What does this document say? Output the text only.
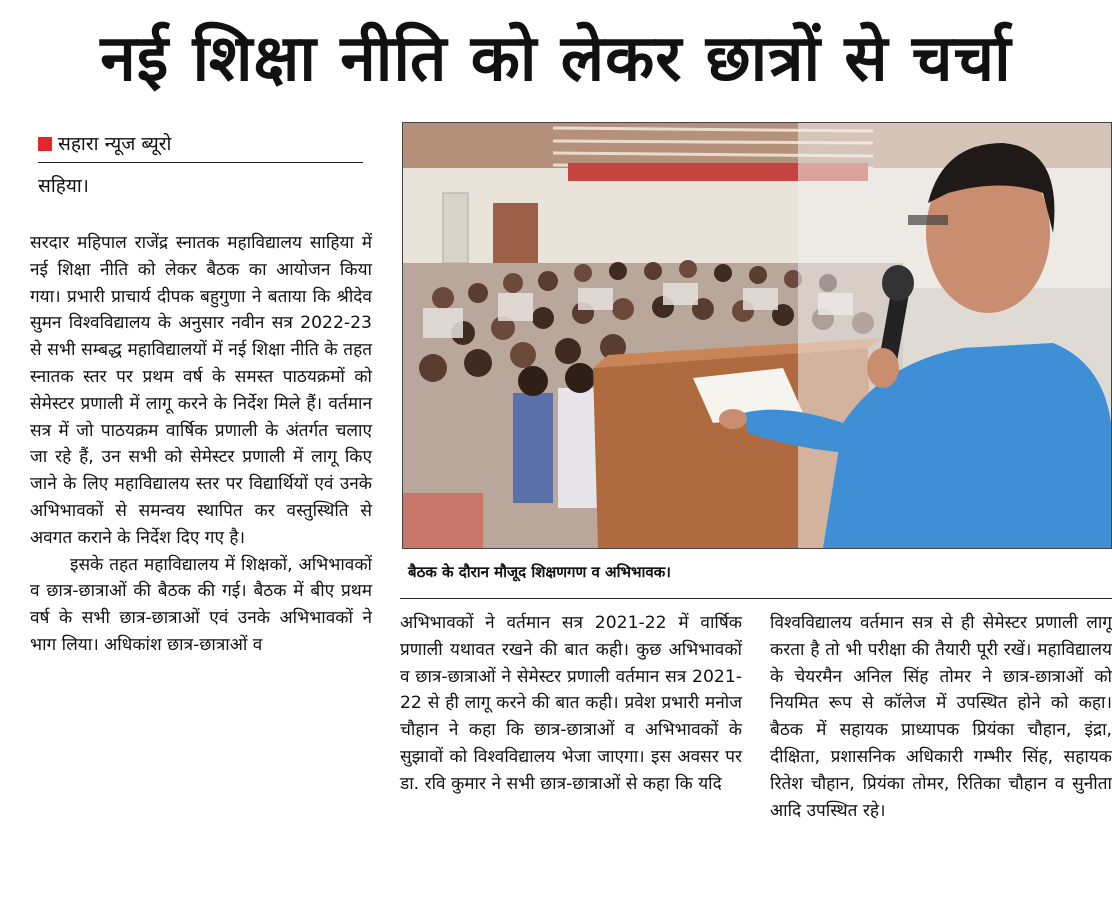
नई शिक्षा नीति को लेकर छात्रों से चर्चा
सहारा न्यूज ब्यूरो
सहिया।

सरदार महिपाल राजेंद्र स्नातक महाविद्यालय साहिया में नई शिक्षा नीति को लेकर बैठक का आयोजन किया गया। प्रभारी प्राचार्य दीपक बहुगुणा ने बताया कि श्रीदेव सुमन विश्वविद्यालय के अनुसार नवीन सत्र 2022-23 से सभी सम्बद्ध महाविद्यालयों में नई शिक्षा नीति के तहत स्नातक स्तर पर प्रथम वर्ष के समस्त पाठयक्रमों को सेमेस्टर प्रणाली में लागू करने के निर्देश मिले हैं। वर्तमान सत्र में जो पाठयक्रम वार्षिक प्रणाली के अंतर्गत चलाए जा रहे हैं, उन सभी को सेमेस्टर प्रणाली में लागू किए जाने के लिए महाविद्यालय स्तर पर विद्यार्थियों एवं उनके अभिभावकों से समन्वय स्थापित कर वस्तुस्थिति से अवगत कराने के निर्देश दिए गए है।

इसके तहत महाविद्यालय में शिक्षकों, अभिभावकों व छात्र-छात्राओं की बैठक की गई। बैठक में बीए प्रथम वर्ष के सभी छात्र-छात्राओं एवं उनके अभिभावकों ने भाग लिया। अधिकांश छात्र-छात्राओं व

बैठक के दौरान मौजूद शिक्षणगण व अभिभावक।

अभिभावकों ने वर्तमान सत्र 2021-22 में वार्षिक प्रणाली यथावत रखने की बात कही। कुछ अभिभावकों व छात्र-छात्राओं ने सेमेस्टर प्रणाली वर्तमान सत्र 2021-22 से ही लागू करने की बात कही। प्रवेश प्रभारी मनोज चौहान ने कहा कि छात्र-छात्राओं व अभिभावकों के सुझावों को विश्वविद्यालय भेजा जाएगा। इस अवसर पर डा. रवि कुमार ने सभी छात्र-छात्राओं से कहा कि यदि

विश्वविद्यालय वर्तमान सत्र से ही सेमेस्टर प्रणाली लागू करता है तो भी परीक्षा की तैयारी पूरी रखें। महाविद्यालय के चेयरमैन अनिल सिंह तोमर ने छात्र-छात्राओं को नियमित रूप से कॉलेज में उपस्थित होने को कहा। बैठक में सहायक प्राध्यापक प्रियंका चौहान, इंद्रा, दीक्षिता, प्रशासनिक अधिकारी गम्भीर सिंह, सहायक रितेश चौहान, प्रियंका तोमर, रितिका चौहान व सुनीता आदि उपस्थित रहे।
